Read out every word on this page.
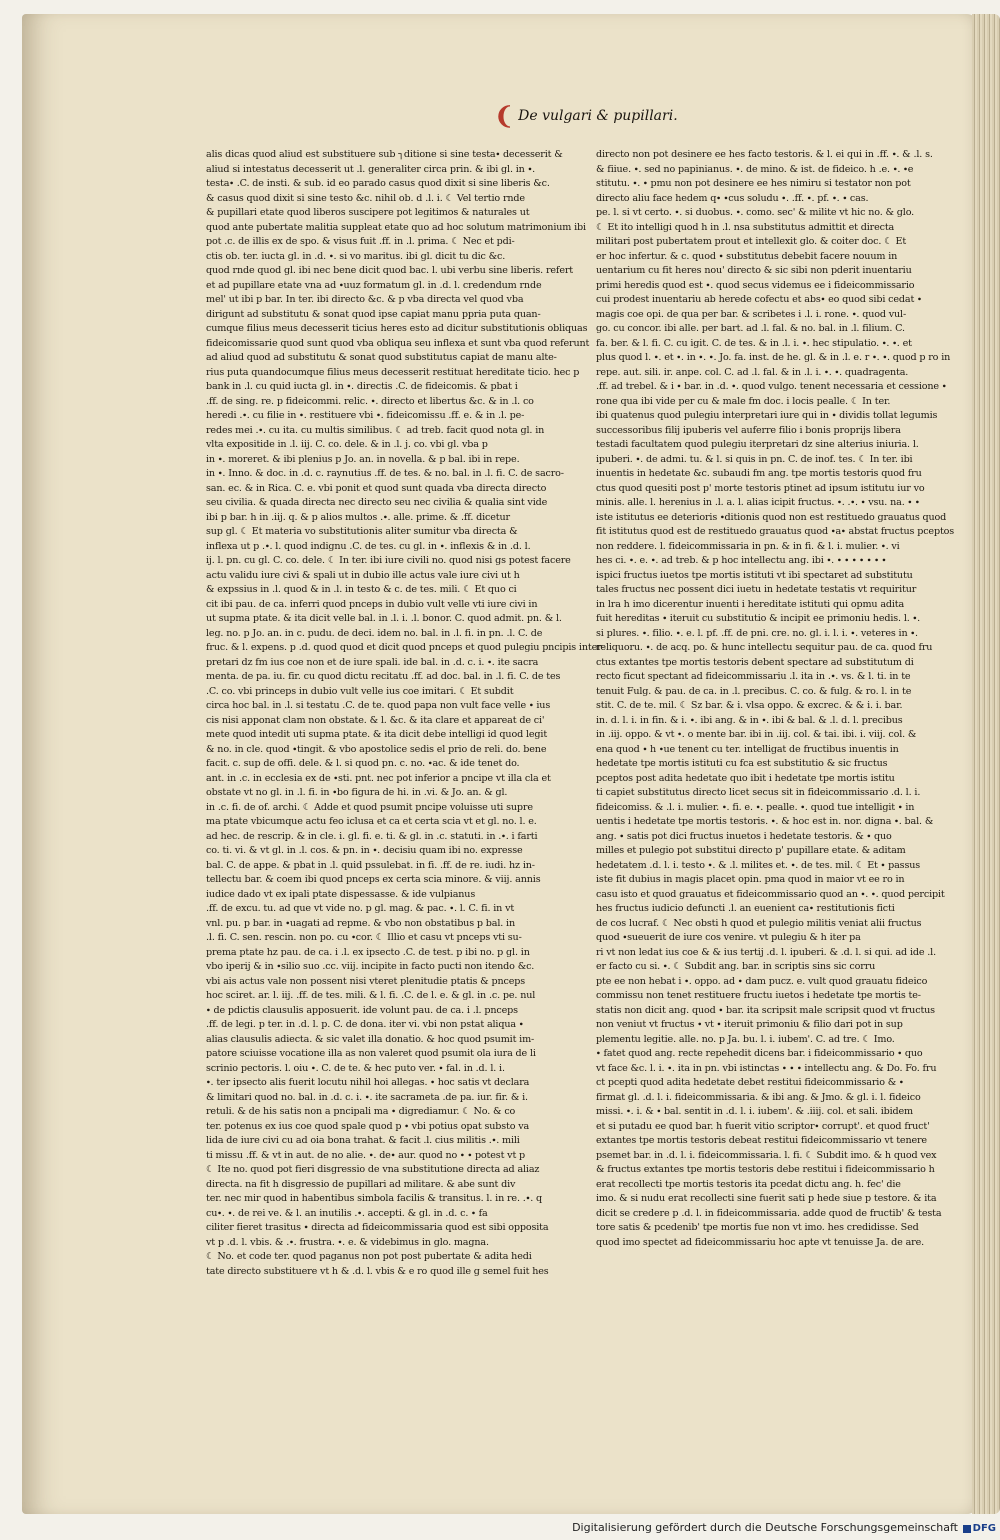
❨ De vulgari & pupillari.
alis dicas quod aliud est substituere sub ┐ditione si sine testa∙ decesserit &
aliud si intestatus decesserit ut .l. generaliter circa prin. & ibi gl. in ∙.
testa∙ .C. de insti. & sub. id eo parado casus quod dixit si sine liberis &c.
& casus quod dixit si sine testo &c. nihil ob. d .l. i. ☾ Vel tertio rnde
& pupillari etate quod liberos suscipere pot legitimos & naturales ut
quod ante pubertate malitia suppleat etate quo ad hoc solutum matrimonium ibi
pot .c. de illis ex de spo. & visus fuit .ff. in .l. prima. ☾ Nec et pdi-
ctis ob. ter. iucta gl. in .d. ∙. si vo maritus. ibi gl. dicit tu dic &c.
quod rnde quod gl. ibi nec bene dicit quod bac. l. ubi verbu sine liberis. refert
et ad pupillare etate vna ad ∙uuz formatum gl. in .d. l. credendum rnde
mel' ut ibi p bar. In ter. ibi directo &c. & p vba directa vel quod vba
dirigunt ad substitutu & sonat quod ipse capiat manu ppria puta quan-
cumque filius meus decesserit ticius heres esto ad dicitur substitutionis obliquas
fideicomissarie quod sunt quod vba obliqua seu inflexa et sunt vba quod referunt
ad aliud quod ad substitutu & sonat quod substitutus capiat de manu alte-
rius puta quandocumque filius meus decesserit restituat hereditate ticio. hec p
bank in .l. cu quid iucta gl. in ∙. directis .C. de fideicomis. & pbat i
.ff. de sing. re. p fideicommi. relic. ∙. directo et libertus &c. & in .l. co
heredi .∙. cu filie in ∙. restituere vbi ∙. fideicomissu .ff. e. & in .l. pe-
redes mei .∙. cu ita. cu multis similibus. ☾ ad treb. facit quod nota gl. in
vlta expositide in .l. iij. C. co. dele. & in .l. j. co. vbi gl. vba p
in ∙. moreret. & ibi plenius p Jo. an. in novella. & p bal. ibi in repe.
in ∙. Inno. & doc. in .d. c. raynutius .ff. de tes. & no. bal. in .l. fi. C. de sacro-
san. ec. & in Rica. C. e. vbi ponit et quod sunt quada vba directa directo
seu civilia. & quada directa nec directo seu nec civilia & qualia sint vide
ibi p bar. h in .iij. q. & p alios multos .∙. alle. prime. & .ff. dicetur
sup gl. ☾ Et materia vo substitutionis aliter sumitur vba directa &
inflexa ut p .∙. l. quod indignu .C. de tes. cu gl. in ∙. inflexis & in .d. l.
ij. l. pn. cu gl. C. co. dele. ☾ In ter. ibi iure civili no. quod nisi gs potest facere
actu validu iure civi & spali ut in dubio ille actus vale iure civi ut h
& expssius in .l. quod & in .l. in testo & c. de tes. mili. ☾ Et quo ci
cit ibi pau. de ca. inferri quod pnceps in dubio vult velle vti iure civi in
ut supma ptate. & ita dicit velle bal. in .l. i. .l. bonor. C. quod admit. pn. & l.
leg. no. p Jo. an. in c. pudu. de deci. idem no. bal. in .l. fi. in pn. .l. C. de
fruc. & l. expens. p .d. quod quod et dicit quod pnceps et quod pulegiu pncipis inter-
pretari dz fm ius coe non et de iure spali. ide bal. in .d. c. i. ∙. ite sacra
menta. de pa. iu. fir. cu quod dictu recitatu .ff. ad doc. bal. in .l. fi. C. de tes
.C. co. vbi princeps in dubio vult velle ius coe imitari. ☾ Et subdit
circa hoc bal. in .l. si testatu .C. de te. quod papa non vult face velle ∙ ius
cis nisi apponat clam non obstate. & l. &c. & ita clare et appareat de ci'
mete quod intedit uti supma ptate. & ita dicit debe intelligi id quod legit
& no. in cle. quod ∙tingit. & vbo apostolice sedis el prio de reli. do. bene
facit. c. sup de offi. dele. & l. si quod pn. c. no. ∙ac. & ide tenet do.
ant. in .c. in ecclesia ex de ∙sti. pnt. nec pot inferior a pncipe vt illa cla et
obstate vt no gl. in .l. fi. in ∙bo figura de hi. in .vi. & Jo. an. & gl.
in .c. fi. de of. archi. ☾ Adde et quod psumit pncipe voluisse uti supre
ma ptate vbicumque actu feo iclusa et ca et certa scia vt et gl. no. l. e.
ad hec. de rescrip. & in cle. i. gl. fi. e. ti. & gl. in .c. statuti. in .∙. i farti
co. ti. vi. & vt gl. in .l. cos. & pn. in ∙. decisiu quam ibi no. expresse
bal. C. de appe. & pbat in .l. quid pssulebat. in fi. .ff. de re. iudi. hz in-
tellectu bar. & coem ibi quod pnceps ex certa scia minore. & viij. annis
iudice dado vt ex ipali ptate dispessasse. & ide vulpianus
.ff. de excu. tu. ad que vt vide no. p gl. mag. & pac. ∙. l. C. fi. in vt
vnl. pu. p bar. in ∙uagati ad repme. & vbo non obstatibus p bal. in
.l. fi. C. sen. rescin. non po. cu ∙cor. ☾ Illio et casu vt pnceps vti su-
prema ptate hz pau. de ca. i .l. ex ipsecto .C. de test. p ibi no. p gl. in
vbo iperij & in ∙silio suo .cc. viij. incipite in facto pucti non itendo &c.
vbi ais actus vale non possent nisi vteret plenitudie ptatis & pnceps
hoc sciret. ar. l. iij. .ff. de tes. mili. & l. fi. .C. de l. e. & gl. in .c. pe. nul
∙ de pdictis clausulis apposuerit. ide volunt pau. de ca. i .l. pnceps
.ff. de legi. p ter. in .d. l. p. C. de dona. iter vi. vbi non pstat aliqua ∙
alias clausulis adiecta. & sic valet illa donatio. & hoc quod psumit im-
patore sciuisse vocatione illa as non valeret quod psumit ola iura de li
scrinio pectoris. l. oiu ∙. C. de te. & hec puto ver. ∙ fal. in .d. l. i.
∙. ter ipsecto alis fuerit locutu nihil hoi allegas. ∙ hoc satis vt declara
& limitari quod no. bal. in .d. c. i. ∙. ite sacrameta .de pa. iur. fir. & i.
retuli. & de his satis non a pncipali ma ∙ digrediamur. ☾ No. & co
ter. potenus ex ius coe quod spale quod p ∙ vbi potius opat substo va
lida de iure civi cu ad oia bona trahat. & facit .l. cius militis .∙. mili
ti missu .ff. & vt in aut. de no alie. ∙. de∙ aur. quod no ∙ ∙ potest vt p
☾ Ite no. quod pot fieri disgressio de vna substitutione directa ad aliaz
directa. na fit h disgressio de pupillari ad militare. & abe sunt div
ter. nec mir quod in habentibus simbola facilis & transitus. l. in re. .∙. q
cu∙. ∙. de rei ve. & l. an inutilis .∙. accepti. & gl. in .d. c. ∙ fa
ciliter fieret trasitus ∙ directa ad fideicommissaria quod est sibi opposita
vt p .d. l. vbis. & .∙. frustra. ∙. e. & videbimus in glo. magna.
☾ No. et code ter. quod paganus non pot post pubertate & adita hedi
tate directo substituere vt h & .d. l. vbis & e ro quod ille g semel fuit hes
directo non pot desinere ee hes facto testoris. & l. ei qui in .ff. ∙. & .l. s.
& fiiue. ∙. sed no papinianus. ∙. de mino. & ist. de fideico. h .e. ∙. ∙e
stitutu. ∙. ∙ pmu non pot desinere ee hes nimiru si testator non pot
directo aliu face hedem q∙ ∙cus soludu ∙. .ff. ∙. pf. ∙. ∙ cas.
pe. l. si vt certo. ∙. si duobus. ∙. como. sec' & milite vt hic no. & glo.
☾ Et ito intelligi quod h in .l. nsa substitutus admittit et directa
militari post pubertatem prout et intellexit glo. & coiter doc. ☾ Et
er hoc infertur. & c. quod ∙ substitutus debebit facere nouum in
uentarium cu fit heres nou' directo & sic sibi non pderit inuentariu
primi heredis quod est ∙. quod secus videmus ee i fideicommissario
cui prodest inuentariu ab herede cofectu et abs∙ eo quod sibi cedat ∙
magis coe opi. de qua per bar. & scribetes i .l. i. rone. ∙. quod vul-
go. cu concor. ibi alle. per bart. ad .l. fal. & no. bal. in .l. filium. C.
fa. ber. & l. fi. C. cu igit. C. de tes. & in .l. i. ∙. hec stipulatio. ∙. ∙. et
plus quod l. ∙. et ∙. in ∙. ∙. Jo. fa. inst. de he. gl. & in .l. e. r ∙. ∙. quod p ro in
repe. aut. sili. ir. anpe. col. C. ad .l. fal. & in .l. i. ∙. ∙. quadragenta.
.ff. ad trebel. & i ∙ bar. in .d. ∙. quod vulgo. tenent necessaria et cessione ∙
rone qua ibi vide per cu & male fm doc. i locis pealle. ☾ In ter.
ibi quatenus quod pulegiu interpretari iure qui in ∙ dividis tollat legumis
successoribus filij ipuberis vel auferre filio i bonis proprijs libera
testadi facultatem quod pulegiu iterpretari dz sine alterius iniuria. l.
ipuberi. ∙. de admi. tu. & l. si quis in pn. C. de inof. tes. ☾ In ter. ibi
inuentis in hedetate &c. subaudi fm ang. tpe mortis testoris quod fru
ctus quod quesiti post p' morte testoris ptinet ad ipsum istitutu iur vo
minis. alle. l. herenius in .l. a. l. alias icipit fructus. ∙. .∙. ∙ vsu. na. ∙ ∙
iste istitutus ee deterioris ∙ditionis quod non est restituedo grauatus quod
fit istitutus quod est de restituedo grauatus quod ∙a∙ abstat fructus pceptos
non reddere. l. fideicommissaria in pn. & in fi. & l. i. mulier. ∙. vi
hes ci. ∙. e. ∙. ad treb. & p hoc intellectu ang. ibi ∙. ∙ ∙ ∙ ∙ ∙ ∙ ∙
ispici fructus iuetos tpe mortis istituti vt ibi spectaret ad substitutu
tales fructus nec possent dici iuetu in hedetate testatis vt requiritur
in lra h imo dicerentur inuenti i hereditate istituti qui opmu adita
fuit hereditas ∙ iteruit cu substitutio & incipit ee primoniu hedis. l. ∙.
si plures. ∙. filio. ∙. e. l. pf. .ff. de pni. cre. no. gl. i. l. i. ∙. veteres in ∙.
reliquoru. ∙. de acq. po. & hunc intellectu sequitur pau. de ca. quod fru
ctus extantes tpe mortis testoris debent spectare ad substitutum di
recto ficut spectant ad fideicommissariu .l. ita in .∙. vs. & l. ti. in te
tenuit Fulg. & pau. de ca. in .l. precibus. C. co. & fulg. & ro. l. in te
stit. C. de te. mil. ☾ Sz bar. & i. vlsa oppo. & excrec. & & i. i. bar.
in. d. l. i. in fin. & i. ∙. ibi ang. & in ∙. ibi & bal. & .l. d. l. precibus
in .iij. oppo. & vt ∙. o mente bar. ibi in .iij. col. & tai. ibi. i. viij. col. &
ena quod ∙ h ∙ue tenent cu ter. intelligat de fructibus inuentis in
hedetate tpe mortis istituti cu fca est substitutio & sic fructus
pceptos post adita hedetate quo ibit i hedetate tpe mortis istitu
ti capiet substitutus directo licet secus sit in fideicommissario .d. l. i.
fideicomiss. & .l. i. mulier. ∙. fi. e. ∙. pealle. ∙. quod tue intelligit ∙ in
uentis i hedetate tpe mortis testoris. ∙. & hoc est in. nor. digna ∙. bal. &
ang. ∙ satis pot dici fructus inuetos i hedetate testoris. & ∙ quo
milles et pulegio pot substitui directo p' pupillare etate. & aditam
hedetatem .d. l. i. testo ∙. & .l. milites et. ∙. de tes. mil. ☾ Et ∙ passus
iste fit dubius in magis placet opin. pma quod in maior vt ee ro in
casu isto et quod grauatus et fideicommissario quod an ∙. ∙. quod percipit
hes fructus iudicio defuncti .l. an euenient ca∙ restitutionis ficti
de cos lucraf. ☾ Nec obsti h quod et pulegio militis veniat alii fructus
quod ∙sueuerit de iure cos venire. vt pulegiu & h iter pa
ri vt non ledat ius coe & & ius tertij .d. l. ipuberi. & .d. l. si qui. ad ide .l.
er facto cu si. ∙. ☾ Subdit ang. bar. in scriptis sins sic corru
pte ee non hebat i ∙. oppo. ad ∙ dam pucz. e. vult quod grauatu fideico
commissu non tenet restituere fructu iuetos i hedetate tpe mortis te-
statis non dicit ang. quod ∙ bar. ita scripsit male scripsit quod vt fructus
non veniut vt fructus ∙ vt ∙ iteruit primoniu & filio dari pot in sup
plementu legitie. alle. no. p Ja. bu. l. i. iubem'. C. ad tre. ☾ Imo.
∙ fatet quod ang. recte repehedit dicens bar. i fideicommissario ∙ quo
vt face &c. l. i. ∙. ita in pn. vbi istinctas ∙ ∙ ∙ intellectu ang. & Do. Fo. fru
ct pcepti quod adita hedetate debet restitui fideicommissario & ∙
firmat gl. .d. l. i. fideicommissaria. & ibi ang. & Jmo. & gl. i. l. fideico
missi. ∙. i. & ∙ bal. sentit in .d. l. i. iubem'. & .iiij. col. et sali. ibidem
et si putadu ee quod bar. h fuerit vitio scriptor∙ corrupt'. et quod fruct'
extantes tpe mortis testoris debeat restitui fideicommissario vt tenere
psemet bar. in .d. l. i. fideicommissaria. l. fi. ☾ Subdit imo. & h quod vex
& fructus extantes tpe mortis testoris debe restitui i fideicommissario h
erat recollecti tpe mortis testoris ita pcedat dictu ang. h. fec' die
imo. & si nudu erat recollecti sine fuerit sati p hede siue p testore. & ita
dicit se credere p .d. l. in fideicommissaria. adde quod de fructib' & testa
tore satis & pcedenib' tpe mortis fue non vt imo. hes credidisse. Sed
quod imo spectet ad fideicommissariu hoc apte vt tenuisse Ja. de are.
Digitalisierung gefördert durch die Deutsche Forschungsgemeinschaft DFG
